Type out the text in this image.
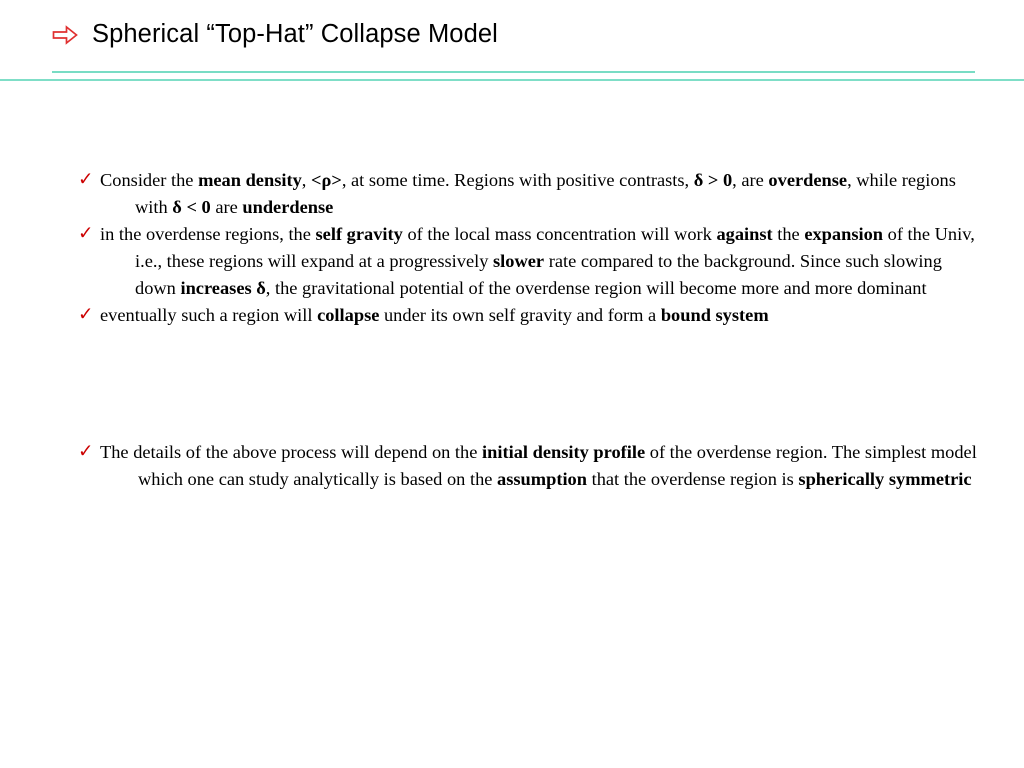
Spherical “Top-Hat” Collapse Model
✓ Consider the mean density, <ρ>, at some time. Regions with positive contrasts, δ > 0, are overdense, while regions with δ < 0 are underdense
✓ in the overdense regions, the self gravity of the local mass concentration will work against the expansion of the Univ, i.e., these regions will expand at a progressively slower rate compared to the background. Since such slowing down increases δ, the gravitational potential of the overdense region will become more and more dominant
✓ eventually such a region will collapse under its own self gravity and form a bound system
✓ The details of the above process will depend on the initial density profile of the overdense region. The simplest model which one can study analytically is based on the assumption that the overdense region is spherically symmetric
